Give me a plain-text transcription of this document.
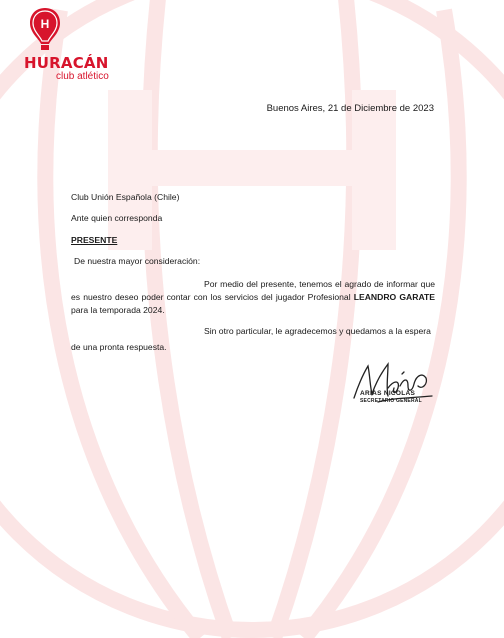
H
HURACÁN
club atlético
Buenos Aires, 21 de Diciembre de 2023
Club Unión Española (Chile)
Ante quien corresponda
PRESENTE
De nuestra mayor consideración:
Por medio del presente, tenemos el agrado de informar que es nuestro deseo poder contar con los servicios del jugador Profesional LEANDRO GARATE para la temporada 2024.
Sin otro particular, le agradecemos y quedamos a la espera de una pronta respuesta.
ARIAS NICOLÁS
SECRETARIO GENERAL
